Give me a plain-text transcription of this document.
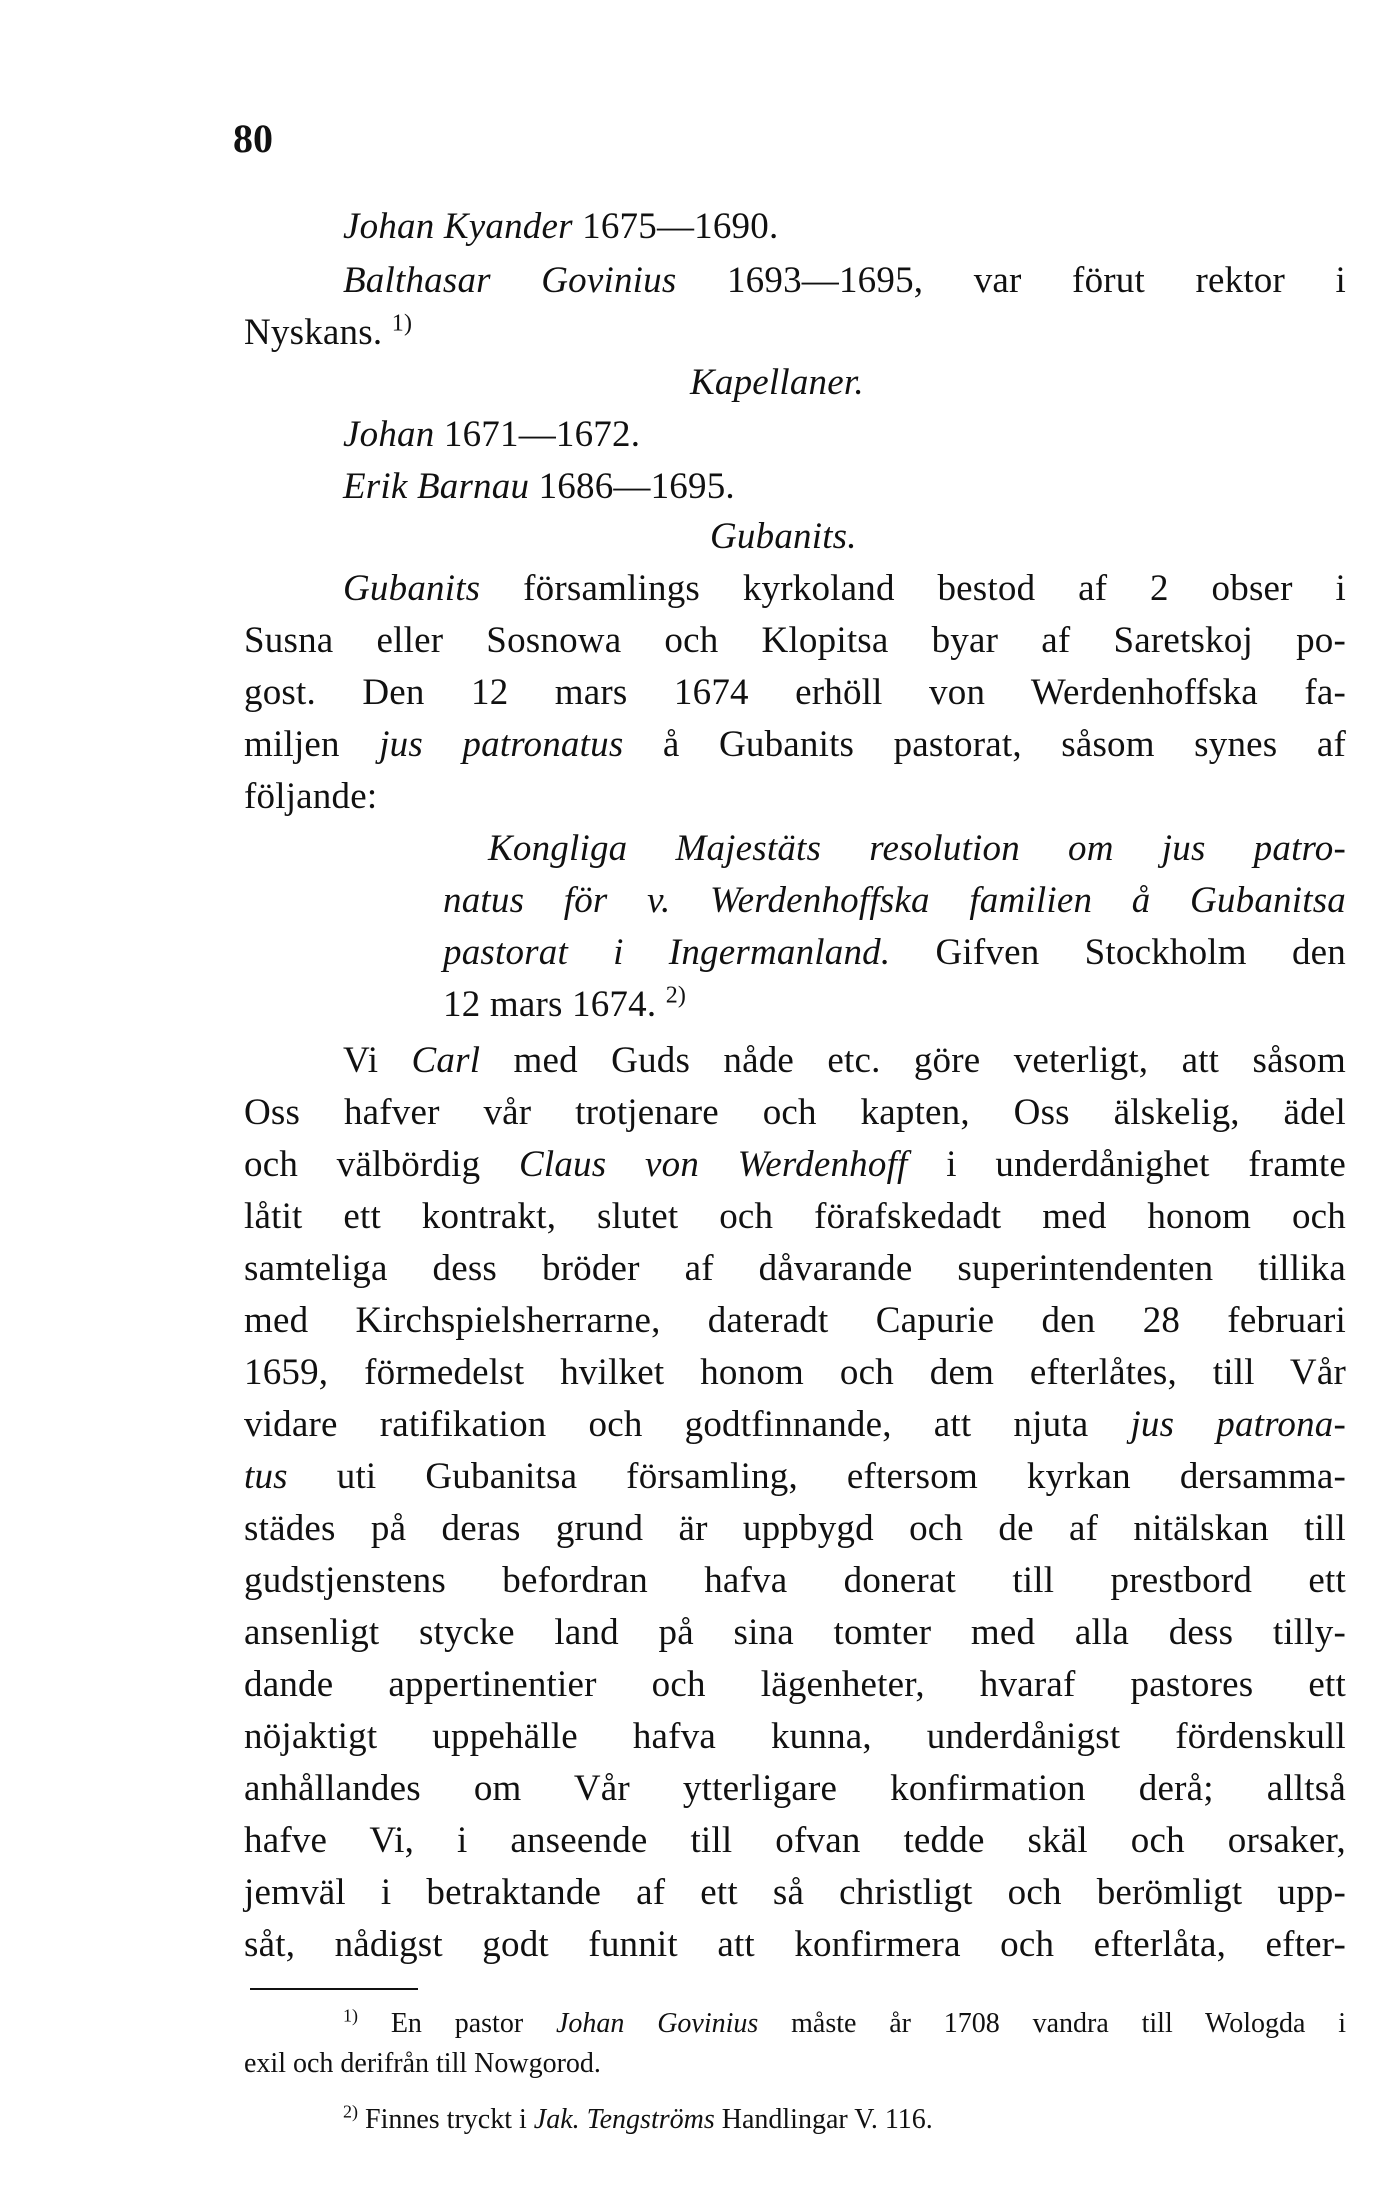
80
Johan Kyander 1675—1690.
Balthasar Govinius 1693—1695, var förut rektor i
Nyskans. $^{1)}$
Kapellaner.
Johan 1671—1672.
Erik Barnau 1686—1695.
Gubanits.
Gubanits församlings kyrkoland bestod af 2 obser i
Susna eller Sosnowa och Klopitsa byar af Saretskoj po-
gost. Den 12 mars 1674 erhöll von Werdenhoffska fa-
miljen jus patronatus å Gubanits pastorat, såsom synes af
följande:
Kongliga Majestäts resolution om jus patro-
natus för v. Werdenhoffska familien å Gubanitsa
pastorat i Ingermanland. Gifven Stockholm den
12 mars 1674. $^{2)}$
Vi Carl med Guds nåde etc. göre veterligt, att såsom
Oss hafver vår trotjenare och kapten, Oss älskelig, ädel
och välbördig Claus von Werdenhoff i underdånighet framte
låtit ett kontrakt, slutet och förafskedadt med honom och
samteliga dess bröder af dåvarande superintendenten tillika
med Kirchspielsherrarne, dateradt Capurie den 28 februari
1659, förmedelst hvilket honom och dem efterlåtes, till Vår
vidare ratifikation och godtfinnande, att njuta jus patrona-
tus uti Gubanitsa församling, eftersom kyrkan dersamma-
städes på deras grund är uppbygd och de af nitälskan till
gudstjenstens befordran hafva donerat till prestbord ett
ansenligt stycke land på sina tomter med alla dess tilly-
dande appertinentier och lägenheter, hvaraf pastores ett
nöjaktigt uppehälle hafva kunna, underdånigst fördenskull
anhållandes om Vår ytterligare konfirmation derå; alltså
hafve Vi, i anseende till ofvan tedde skäl och orsaker,
jemväl i betraktande af ett så christligt och berömligt upp-
såt, nådigst godt funnit att konfirmera och efterlåta, efter-
$^{1)}$ En pastor Johan Govinius måste år 1708 vandra till Wologda i
exil och derifrån till Nowgorod.
$^{2)}$ Finnes tryckt i Jak. Tengströms Handlingar V. 116.
